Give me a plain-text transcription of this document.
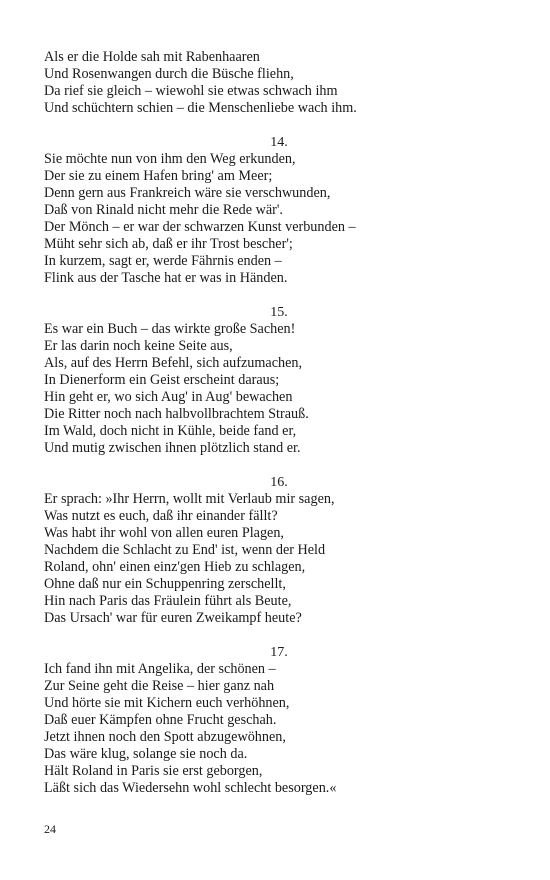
Als er die Holde sah mit Rabenhaaren

Und Rosenwangen durch die Büsche fliehn,

Da rief sie gleich – wiewohl sie etwas schwach ihm

Und schüchtern schien – die Menschenliebe wach ihm.

14.

Sie möchte nun von ihm den Weg erkunden,

Der sie zu einem Hafen bring' am Meer;

Denn gern aus Frankreich wäre sie verschwunden,

Daß von Rinald nicht mehr die Rede wär'.

Der Mönch – er war der schwarzen Kunst verbunden –

Müht sehr sich ab, daß er ihr Trost bescher';

In kurzem, sagt er, werde Fährnis enden –

Flink aus der Tasche hat er was in Händen.

15.

Es war ein Buch – das wirkte große Sachen!

Er las darin noch keine Seite aus,

Als, auf des Herrn Befehl, sich aufzumachen,

In Dienerform ein Geist erscheint daraus;

Hin geht er, wo sich Aug' in Aug' bewachen

Die Ritter noch nach halbvollbrachtem Strauß.

Im Wald, doch nicht in Kühle, beide fand er,

Und mutig zwischen ihnen plötzlich stand er.

16.

Er sprach: »Ihr Herrn, wollt mit Verlaub mir sagen,

Was nutzt es euch, daß ihr einander fällt?

Was habt ihr wohl von allen euren Plagen,

Nachdem die Schlacht zu End' ist, wenn der Held

Roland, ohn' einen einz'gen Hieb zu schlagen,

Ohne daß nur ein Schuppenring zerschellt,

Hin nach Paris das Fräulein führt als Beute,

Das Ursach' war für euren Zweikampf heute?

17.

Ich fand ihn mit Angelika, der schönen –

Zur Seine geht die Reise – hier ganz nah

Und hörte sie mit Kichern euch verhöhnen,

Daß euer Kämpfen ohne Frucht geschah.

Jetzt ihnen noch den Spott abzugewöhnen,

Das wäre klug, solange sie noch da.

Hält Roland in Paris sie erst geborgen,

Läßt sich das Wiedersehn wohl schlecht besorgen.«

24
